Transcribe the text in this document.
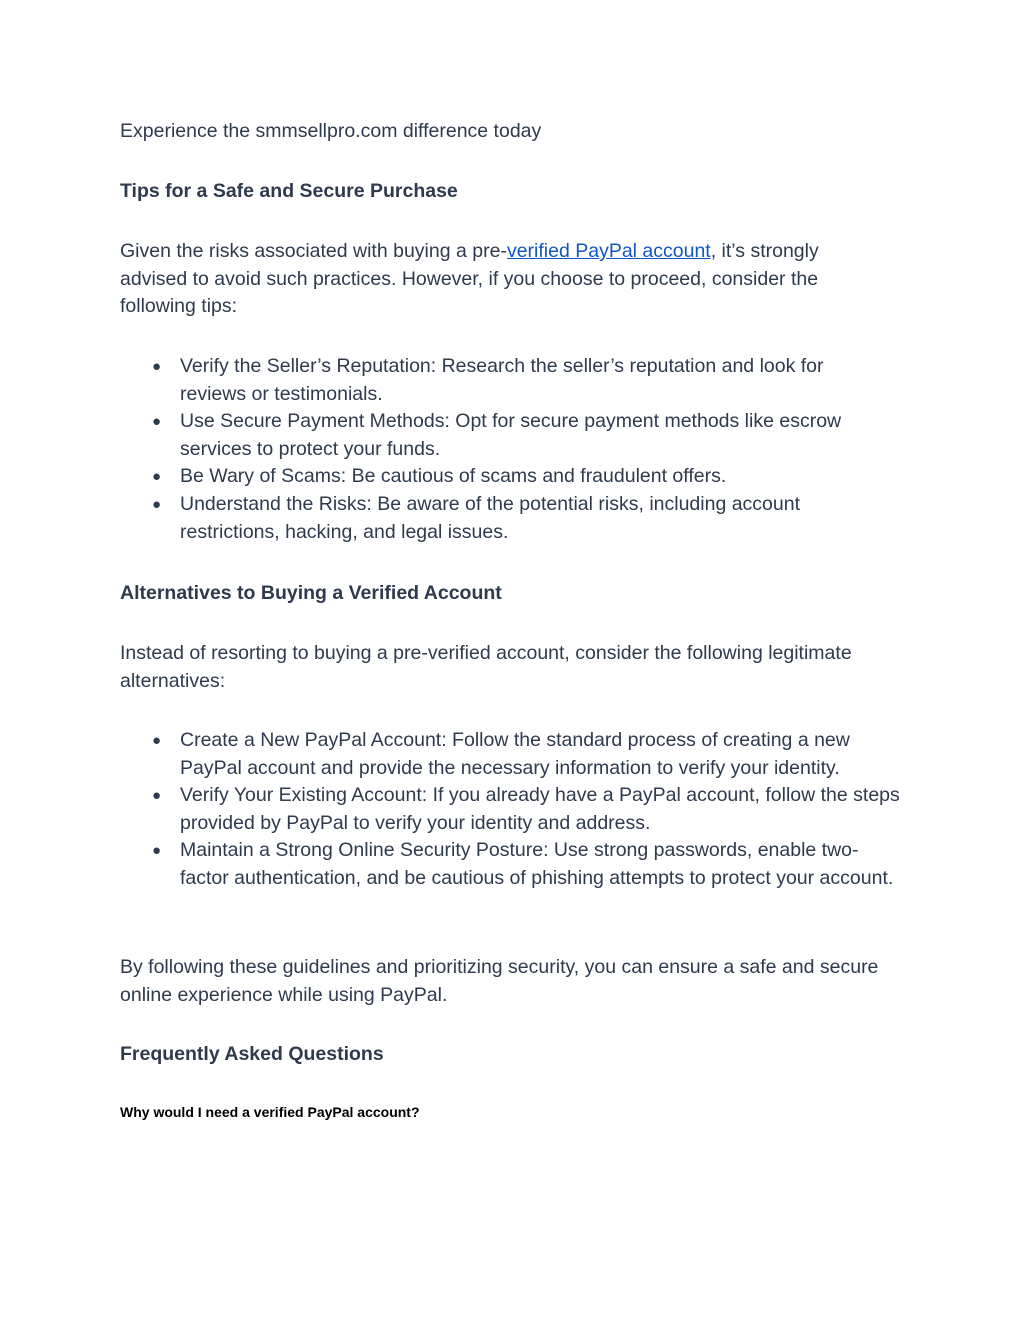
Experience the smmsellpro.com difference today

Tips for a Safe and Secure Purchase

Given the risks associated with buying a pre-verified PayPal account, it’s strongly advised to avoid such practices. However, if you choose to proceed, consider the following tips:

● Verify the Seller’s Reputation: Research the seller’s reputation and look for reviews or testimonials.
● Use Secure Payment Methods: Opt for secure payment methods like escrow services to protect your funds.
● Be Wary of Scams: Be cautious of scams and fraudulent offers.
● Understand the Risks: Be aware of the potential risks, including account restrictions, hacking, and legal issues.

Alternatives to Buying a Verified Account

Instead of resorting to buying a pre-verified account, consider the following legitimate alternatives:

● Create a New PayPal Account: Follow the standard process of creating a new PayPal account and provide the necessary information to verify your identity.
● Verify Your Existing Account: If you already have a PayPal account, follow the steps provided by PayPal to verify your identity and address.
● Maintain a Strong Online Security Posture: Use strong passwords, enable two-factor authentication, and be cautious of phishing attempts to protect your account.

By following these guidelines and prioritizing security, you can ensure a safe and secure online experience while using PayPal.

Frequently Asked Questions

Why would I need a verified PayPal account?
